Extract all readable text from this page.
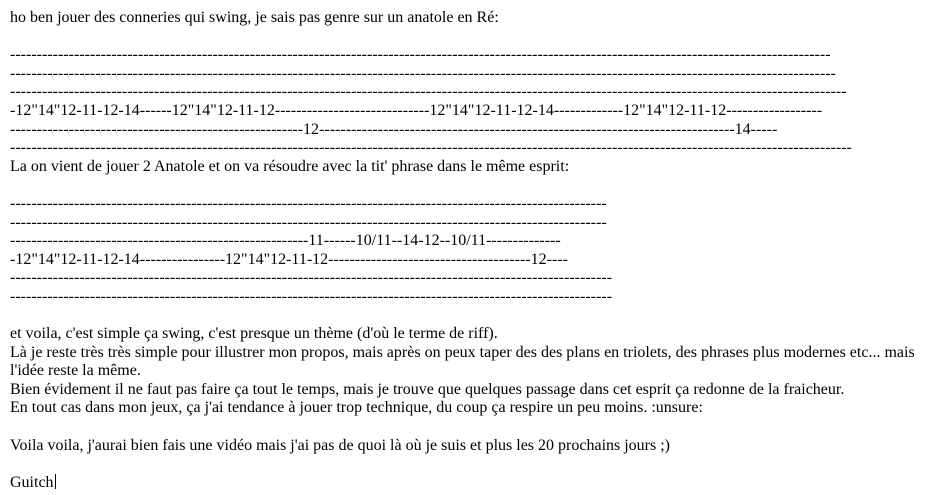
ho ben jouer des conneries qui swing, je sais pas genre sur un anatole en Ré:
----------------------------------------------------------------------------------------------------------------------------------------------------------
-----------------------------------------------------------------------------------------------------------------------------------------------------------
-------------------------------------------------------------------------------------------------------------------------------------------------------------
-12"14"12-11-12-14------12"14"12-11-12-----------------------------12"14"12-11-12-14-------------12"14"12-11-12------------------
-------------------------------------------------------12------------------------------------------------------------------------------14-----
--------------------------------------------------------------------------------------------------------------------------------------------------------------
La on vient de jouer 2 Anatole et on va résoudre avec la tit' phrase dans le même esprit:
----------------------------------------------------------------------------------------------------------------
----------------------------------------------------------------------------------------------------------------
--------------------------------------------------------11------10/11--14-12--10/11--------------
-12"14"12-11-12-14----------------12"14"12-11-12--------------------------------------12----
-----------------------------------------------------------------------------------------------------------------
-----------------------------------------------------------------------------------------------------------------
et voila, c'est simple ça swing, c'est presque un thème (d'où le terme de riff).
Là je reste très très simple pour illustrer mon propos, mais après on peux taper des des plans en triolets, des phrases plus modernes etc... mais l'idée reste la même.
Bien évidement il ne faut pas faire ça tout le temps, mais je trouve que quelques passage dans cet esprit ça redonne de la fraicheur.
En tout cas dans mon jeux, ça j'ai tendance à jouer trop technique, du coup ça respire un peu moins. :unsure:
Voila voila, j'aurai bien fais une vidéo mais j'ai pas de quoi là où je suis et plus les 20 prochains jours ;)
Guitch
